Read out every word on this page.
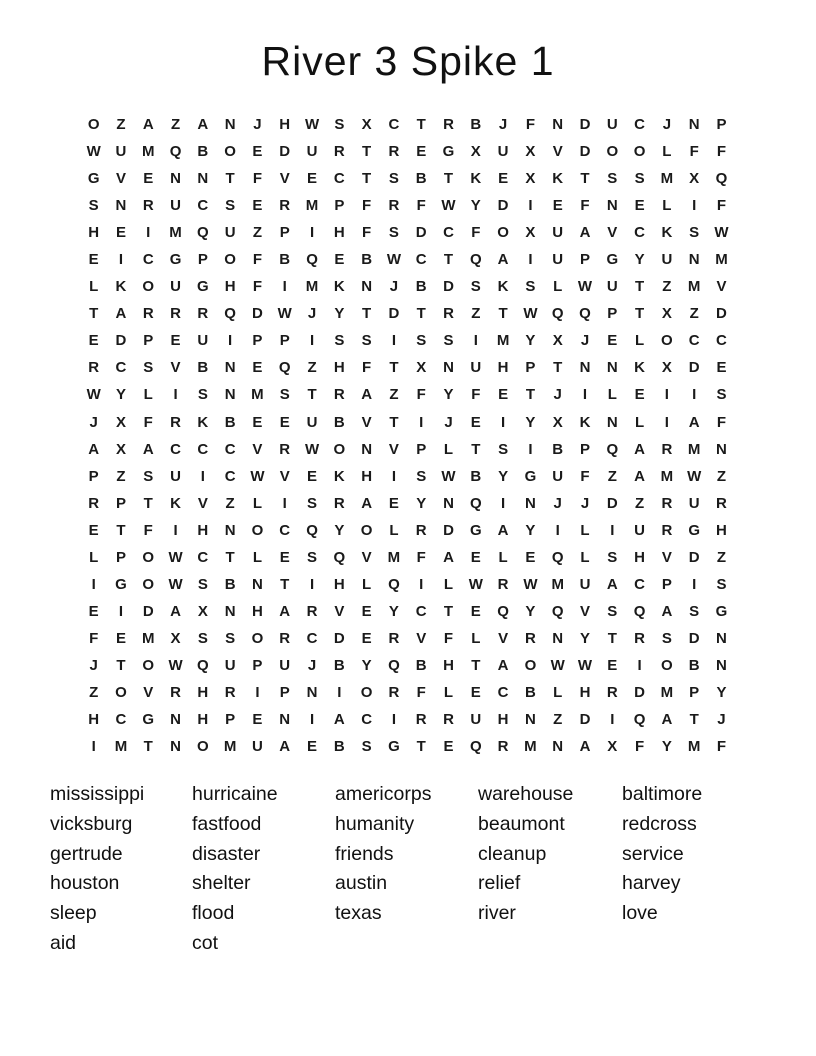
River 3 Spike 1
O	Z	A	Z	A	N	J	H W	S	X	C	T	R	B	J	F	N	D	U	C	J	N	P
W U	M	Q	B	O	E	D	U	R	T	R	E	G	X	U	X	V	D	O	O	L	F	F
G	V	E	N	N	T	F	V	E	C	T	S	B	T	K	E	X	K	T	S	S	M	X	Q
S	N	R	U	C	S	E	R	M	P	F	R	F	W	Y	D	I	E	F	N	E	L	I	F
H	E	I	M	Q	U	Z	P	I	H	F	S	D	C	F	O	X	U	A	V	C	K	S	W
E	I	C	G	P	O	F	B	Q	E	B W C	T	Q	A	I	U	P	G	Y	U	N	M
L	K	O	U	G	H	F	I	M	K	N	J	B	D	S	K	S	L	W U	T	Z	M	V
T	A	R	R	R	Q	D W	J	Y	T	D	T	R	Z	T	W Q	Q	P	T	X	Z	D
E	D	P	E	U	I	P	P	I	S	S	I	S	S	I	M	Y	X	J	E	L	O	C	C
R	C	S	V	B	N	E	Q	Z	H	F	T	X	N	U	H	P	T	N	N	K	X	D	E
W	Y	L	I	S	N	M	S	T	R	A	Z	F	Y	F	E	T	J	I	L	E	I	I	S
J	X	F	R	K	B	E	E	U	B	V	T	I	J	E	I	Y	X	K	N	L	I	A	F
A	X	A	C	C	C	V	R W O	N	V	P	L	T	S	I	B	P	Q	A	R	M	N
P	Z	S	U	I	C W	V	E	K	H	I	S	W B	Y	G	U	F	Z	A	M W	Z
R	P	T	K	V	Z	L	I	S	R	A	E	Y	N	Q	I	N	J	J	D	Z	R	U	R
E	T	F	I	H	N	O	C	Q	Y	O	L	R	D	G	A	Y	I	L	I	U	R	G	H
L	P	O W C	T	L	E	S	Q	V	M	F	A	E	L	E	Q	L	S	H	V	D	Z
I	G	O W	S	B	N	T	I	H	L	Q	I	L	W R W M	U	A	C	P	I	S
E	I	D	A	X	N	H	A	R	V	E	Y	C	T	E	Q	Y	Q	V	S	Q	A	S	G
F	E	M	X	S	S	O	R	C	D	E	R	V	F	L	V	R	N	Y	T	R	S	D	N
J	T	O W Q	U	P	U	J	B	Y	Q	B	H	T	A	O W W	E	I	O	B	N
Z	O	V	R	H	R	I	P	N	I	O	R	F	L	E	C	B	L	H	R	D	M	P	Y
H	C	G	N	H	P	E	N	I	A	C	I	R	R	U	H	N	Z	D	I	Q	A	T	J
I	M	T	N	O	M	U	A	E	B	S	G	T	E	Q	R	M	N	A	X	F	Y	M	F
mississippi
vicksburg
gertrude
houston
sleep
aid
hurricaine
fastfood
disaster
shelter
flood
cot
americorps
humanity
friends
austin
texas
warehouse
beaumont
cleanup
relief
river
baltimore
redcross
service
harvey
love
